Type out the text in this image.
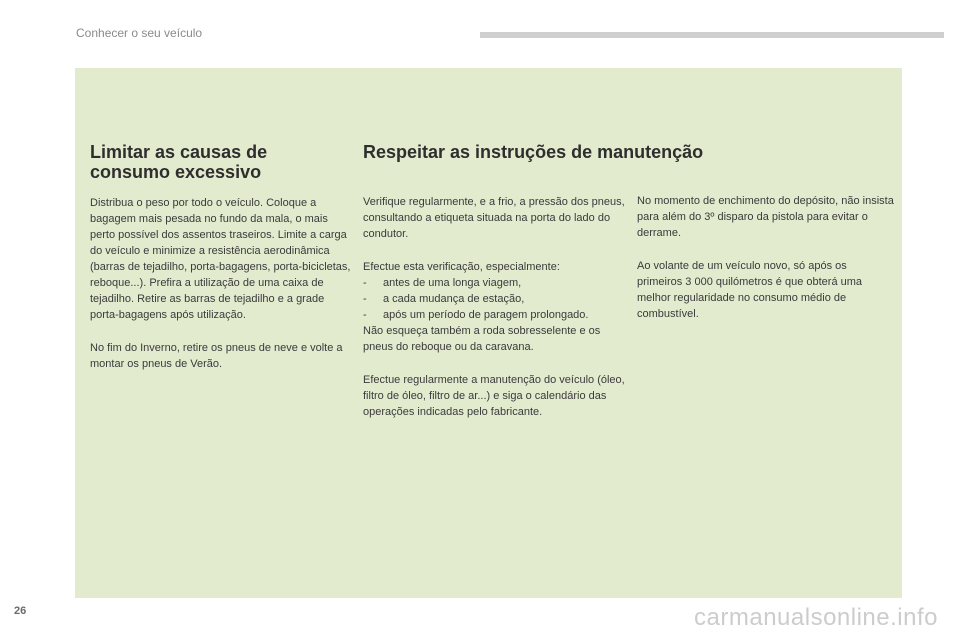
Conhecer o seu veículo
Limitar as causas de
consumo excessivo

Distribua o peso por todo o veículo. Coloque a bagagem mais pesada no fundo da mala, o mais perto possível dos assentos traseiros. Limite a carga do veículo e minimize a resistência aerodinâmica (barras de tejadilho, porta-bagagens, porta-bicicletas, reboque...). Prefira a utilização de uma caixa de tejadilho. Retire as barras de tejadilho e a grade porta-bagagens após utilização.

No fim do Inverno, retire os pneus de neve e volte a montar os pneus de Verão.

Respeitar as instruções de manutenção

Verifique regularmente, e a frio, a pressão dos pneus, consultando a etiqueta situada na porta do lado do condutor.

Efectue esta verificação, especialmente:
- antes de uma longa viagem,
- a cada mudança de estação,
- após um período de paragem prolongado.
Não esqueça também a roda sobresselente e os pneus do reboque ou da caravana.

Efectue regularmente a manutenção do veículo (óleo, filtro de óleo, filtro de ar...) e siga o calendário das operações indicadas pelo fabricante.

No momento de enchimento do depósito, não insista para além do 3º disparo da pistola para evitar o derrame.

Ao volante de um veículo novo, só após os primeiros 3 000 quilómetros é que obterá uma melhor regularidade no consumo médio de combustível.

26	carmanualsonline.info
